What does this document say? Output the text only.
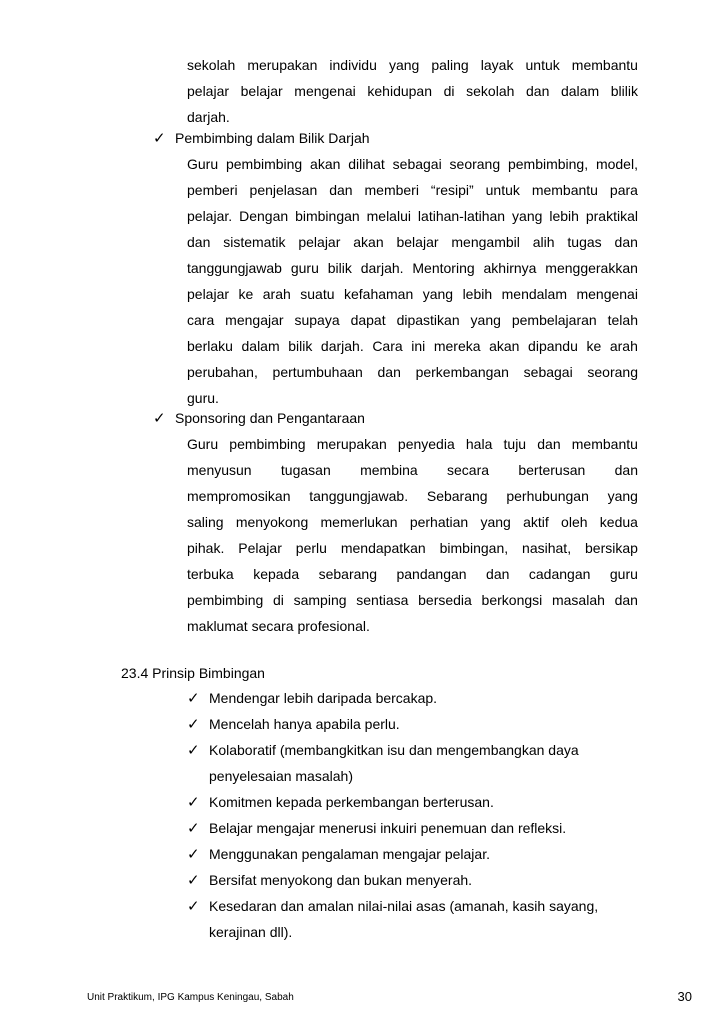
sekolah merupakan individu yang paling layak untuk membantu
pelajar belajar mengenai kehidupan di sekolah dan dalam blilik
darjah.
✓ Pembimbing dalam Bilik Darjah
Guru pembimbing akan dilihat sebagai seorang pembimbing, model,
pemberi penjelasan dan memberi “resipi” untuk membantu para
pelajar. Dengan bimbingan melalui latihan-latihan yang lebih praktikal
dan sistematik pelajar akan belajar mengambil alih tugas dan
tanggungjawab guru bilik darjah. Mentoring akhirnya menggerakkan
pelajar ke arah suatu kefahaman yang lebih mendalam mengenai
cara mengajar supaya dapat dipastikan yang pembelajaran telah
berlaku dalam bilik darjah. Cara ini mereka akan dipandu ke arah
perubahan, pertumbuhaan dan perkembangan sebagai seorang
guru.
✓ Sponsoring dan Pengantaraan
Guru pembimbing merupakan penyedia hala tuju dan membantu
menyusun tugasan membina secara berterusan dan
mempromosikan tanggungjawab. Sebarang perhubungan yang
saling menyokong memerlukan perhatian yang aktif oleh kedua
pihak. Pelajar perlu mendapatkan bimbingan, nasihat, bersikap
terbuka kepada sebarang pandangan dan cadangan guru
pembimbing di samping sentiasa bersedia berkongsi masalah dan
maklumat secara profesional.
23.4 Prinsip Bimbingan
✓ Mendengar lebih daripada bercakap.
✓ Mencelah hanya apabila perlu.
✓ Kolaboratif (membangkitkan isu dan mengembangkan daya
penyelesaian masalah)
✓ Komitmen kepada perkembangan berterusan.
✓ Belajar mengajar menerusi inkuiri penemuan dan refleksi.
✓ Menggunakan pengalaman mengajar pelajar.
✓ Bersifat menyokong dan bukan menyerah.
✓ Kesedaran dan amalan nilai-nilai asas (amanah, kasih sayang,
kerajinan dll).
Unit Praktikum, IPG Kampus Keningau, Sabah	30
